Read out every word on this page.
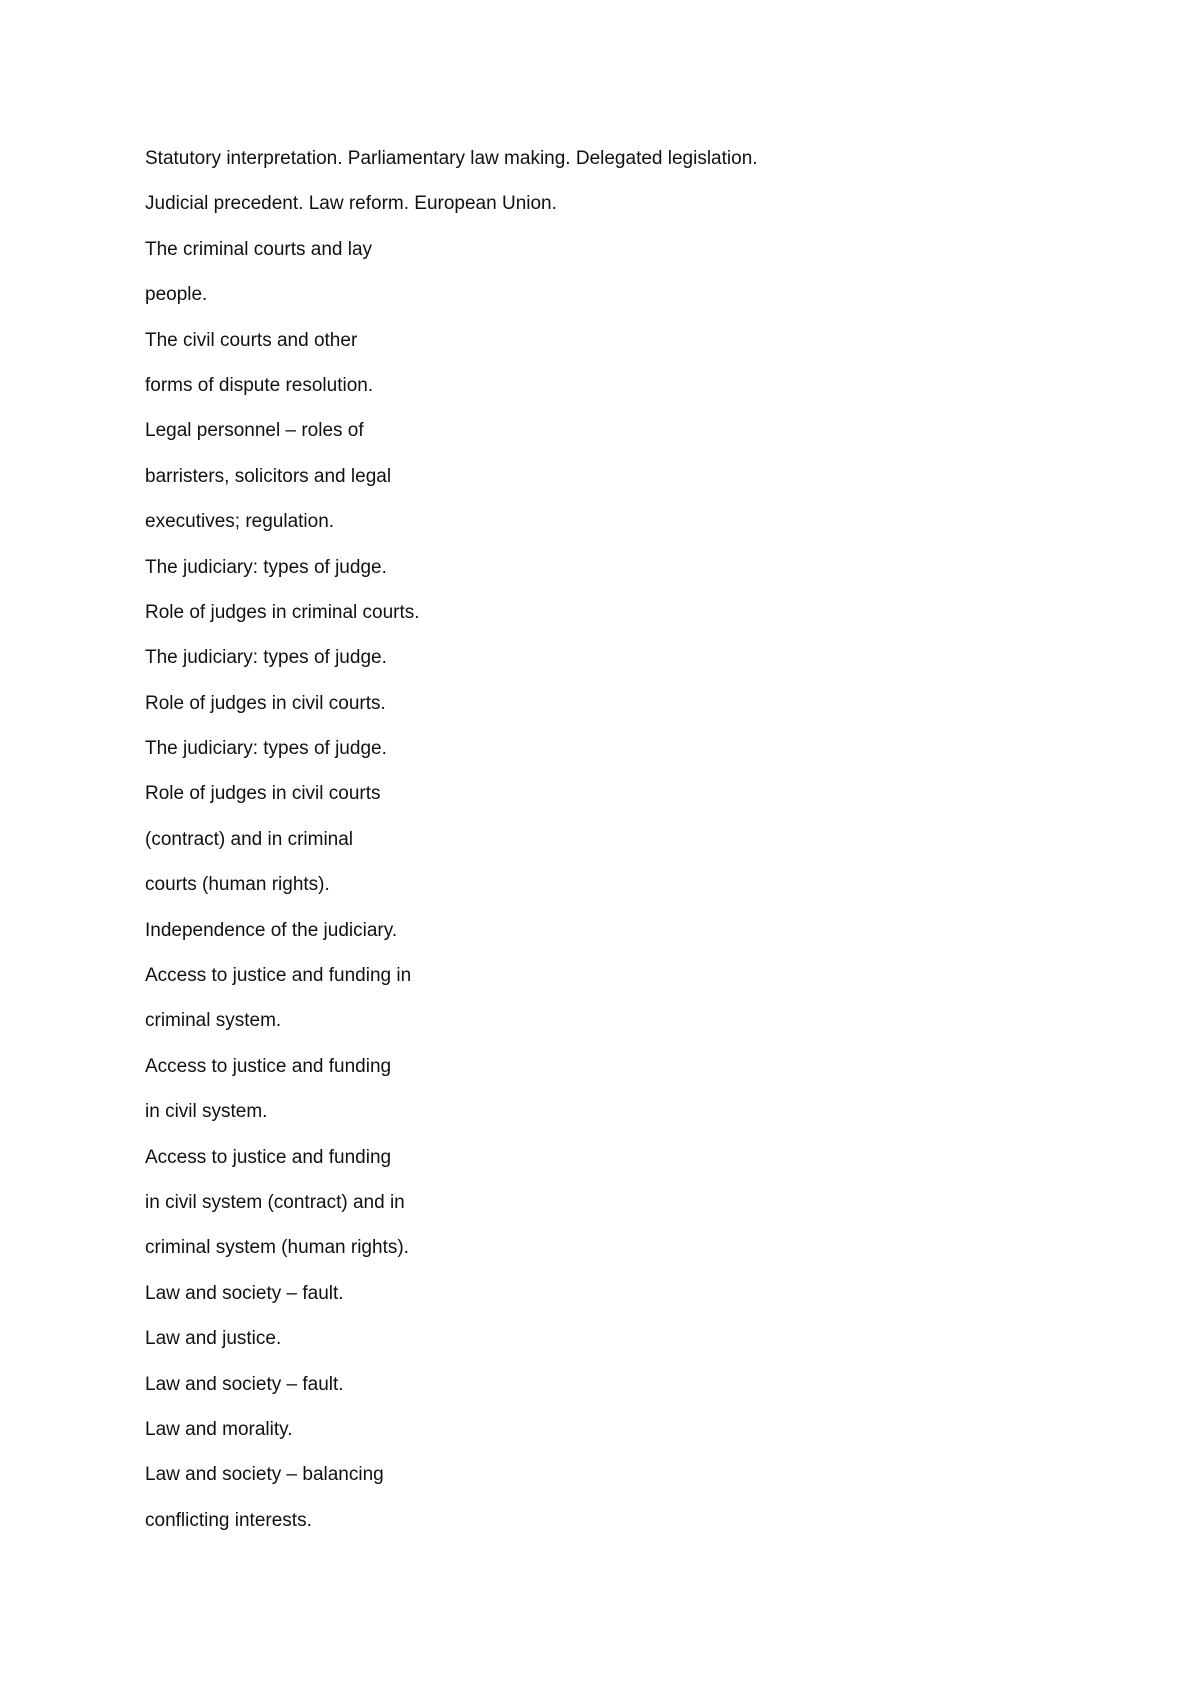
Statutory interpretation. Parliamentary law making. Delegated legislation.
Judicial precedent. Law reform. European Union.
The criminal courts and lay
people.
The civil courts and other
forms of dispute resolution.
Legal personnel – roles of
barristers, solicitors and legal
executives; regulation.
The judiciary: types of judge.
Role of judges in criminal courts.
The judiciary: types of judge.
Role of judges in civil courts.
The judiciary: types of judge.
Role of judges in civil courts
(contract) and in criminal
courts (human rights).
Independence of the judiciary.
Access to justice and funding in
criminal system.
Access to justice and funding
in civil system.
Access to justice and funding
in civil system (contract) and in
criminal system (human rights).
Law and society – fault.
Law and justice.
Law and society – fault.
Law and morality.
Law and society – balancing
conflicting interests.
